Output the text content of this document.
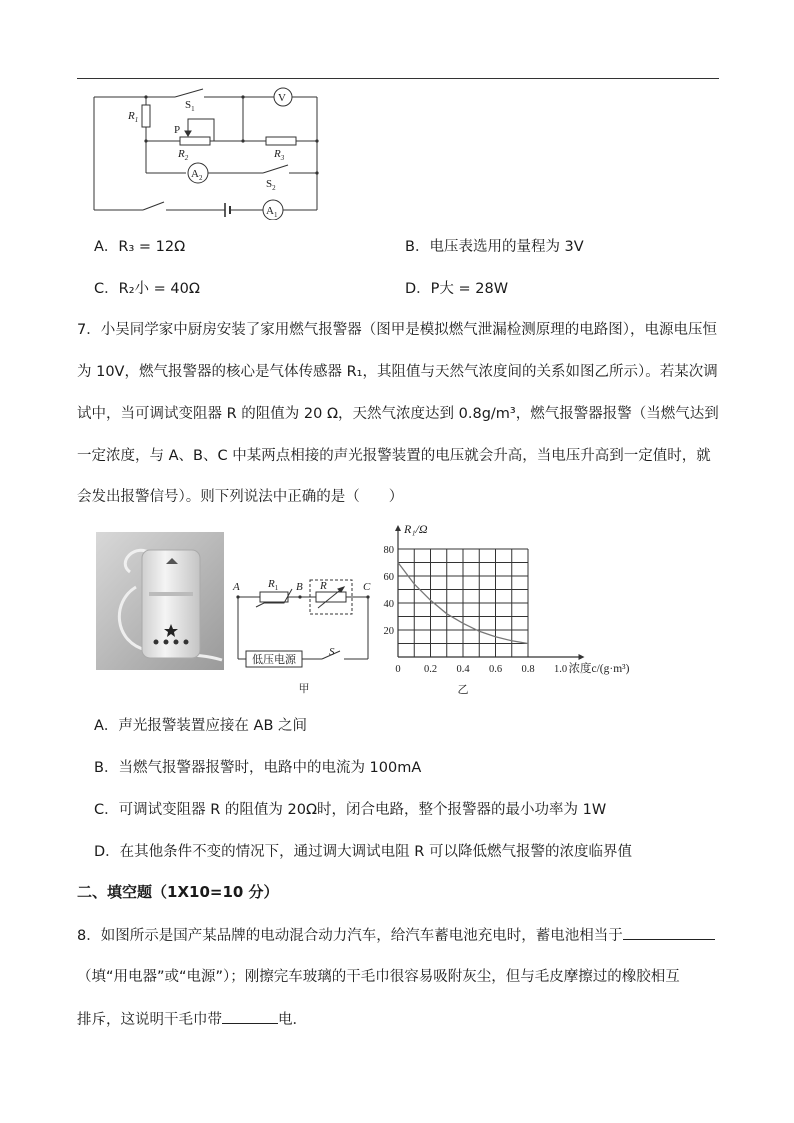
$R_1$
$S_1$
P
$R_2$	$R_3$
V
$A_2$	$S_2$
$A_1$
A．R₃ = 12Ω	B．电压表选用的量程为 3V
C．R₂小 = 40Ω	D．P大 = 28W
7．小吴同学家中厨房安装了家用燃气报警器（图甲是模拟燃气泄漏检测原理的电路图），电源电压恒
为 10V，燃气报警器的核心是气体传感器 R₁，其阻值与天然气浓度间的关系如图乙所示）。若某次调
试中，当可调试变阻器 R 的阻值为 20 Ω，天然气浓度达到 0.8g/m³，燃气报警器报警（当燃气达到
一定浓度，与 A、B、C 中某两点相接的声光报警装置的电压就会升高，当电压升高到一定值时，就
会发出报警信号）。则下列说法中正确的是（　　）
A	B	C
$R_1$	R
S
低压电源
甲
0 0.2 0.4 0.6 0.8 1.0
20
40
60
80
R₁/Ω
浓度c/(g·m³)
乙
A．声光报警装置应接在 AB 之间
B．当燃气报警器报警时，电路中的电流为 100mA
C．可调试变阻器 R 的阻值为 20Ω时，闭合电路，整个报警器的最小功率为 1W
D．在其他条件不变的情况下，通过调大调试电阻 R 可以降低燃气报警的浓度临界值
二、填空题（1X10=10 分）
8．如图所示是国产某品牌的电动混合动力汽车，给汽车蓄电池充电时，蓄电池相当于
（填“用电器”或“电源”）；刚擦完车玻璃的干毛巾很容易吸附灰尘，但与毛皮摩擦过的橡胶相互
排斥，这说明干毛巾带	电．
